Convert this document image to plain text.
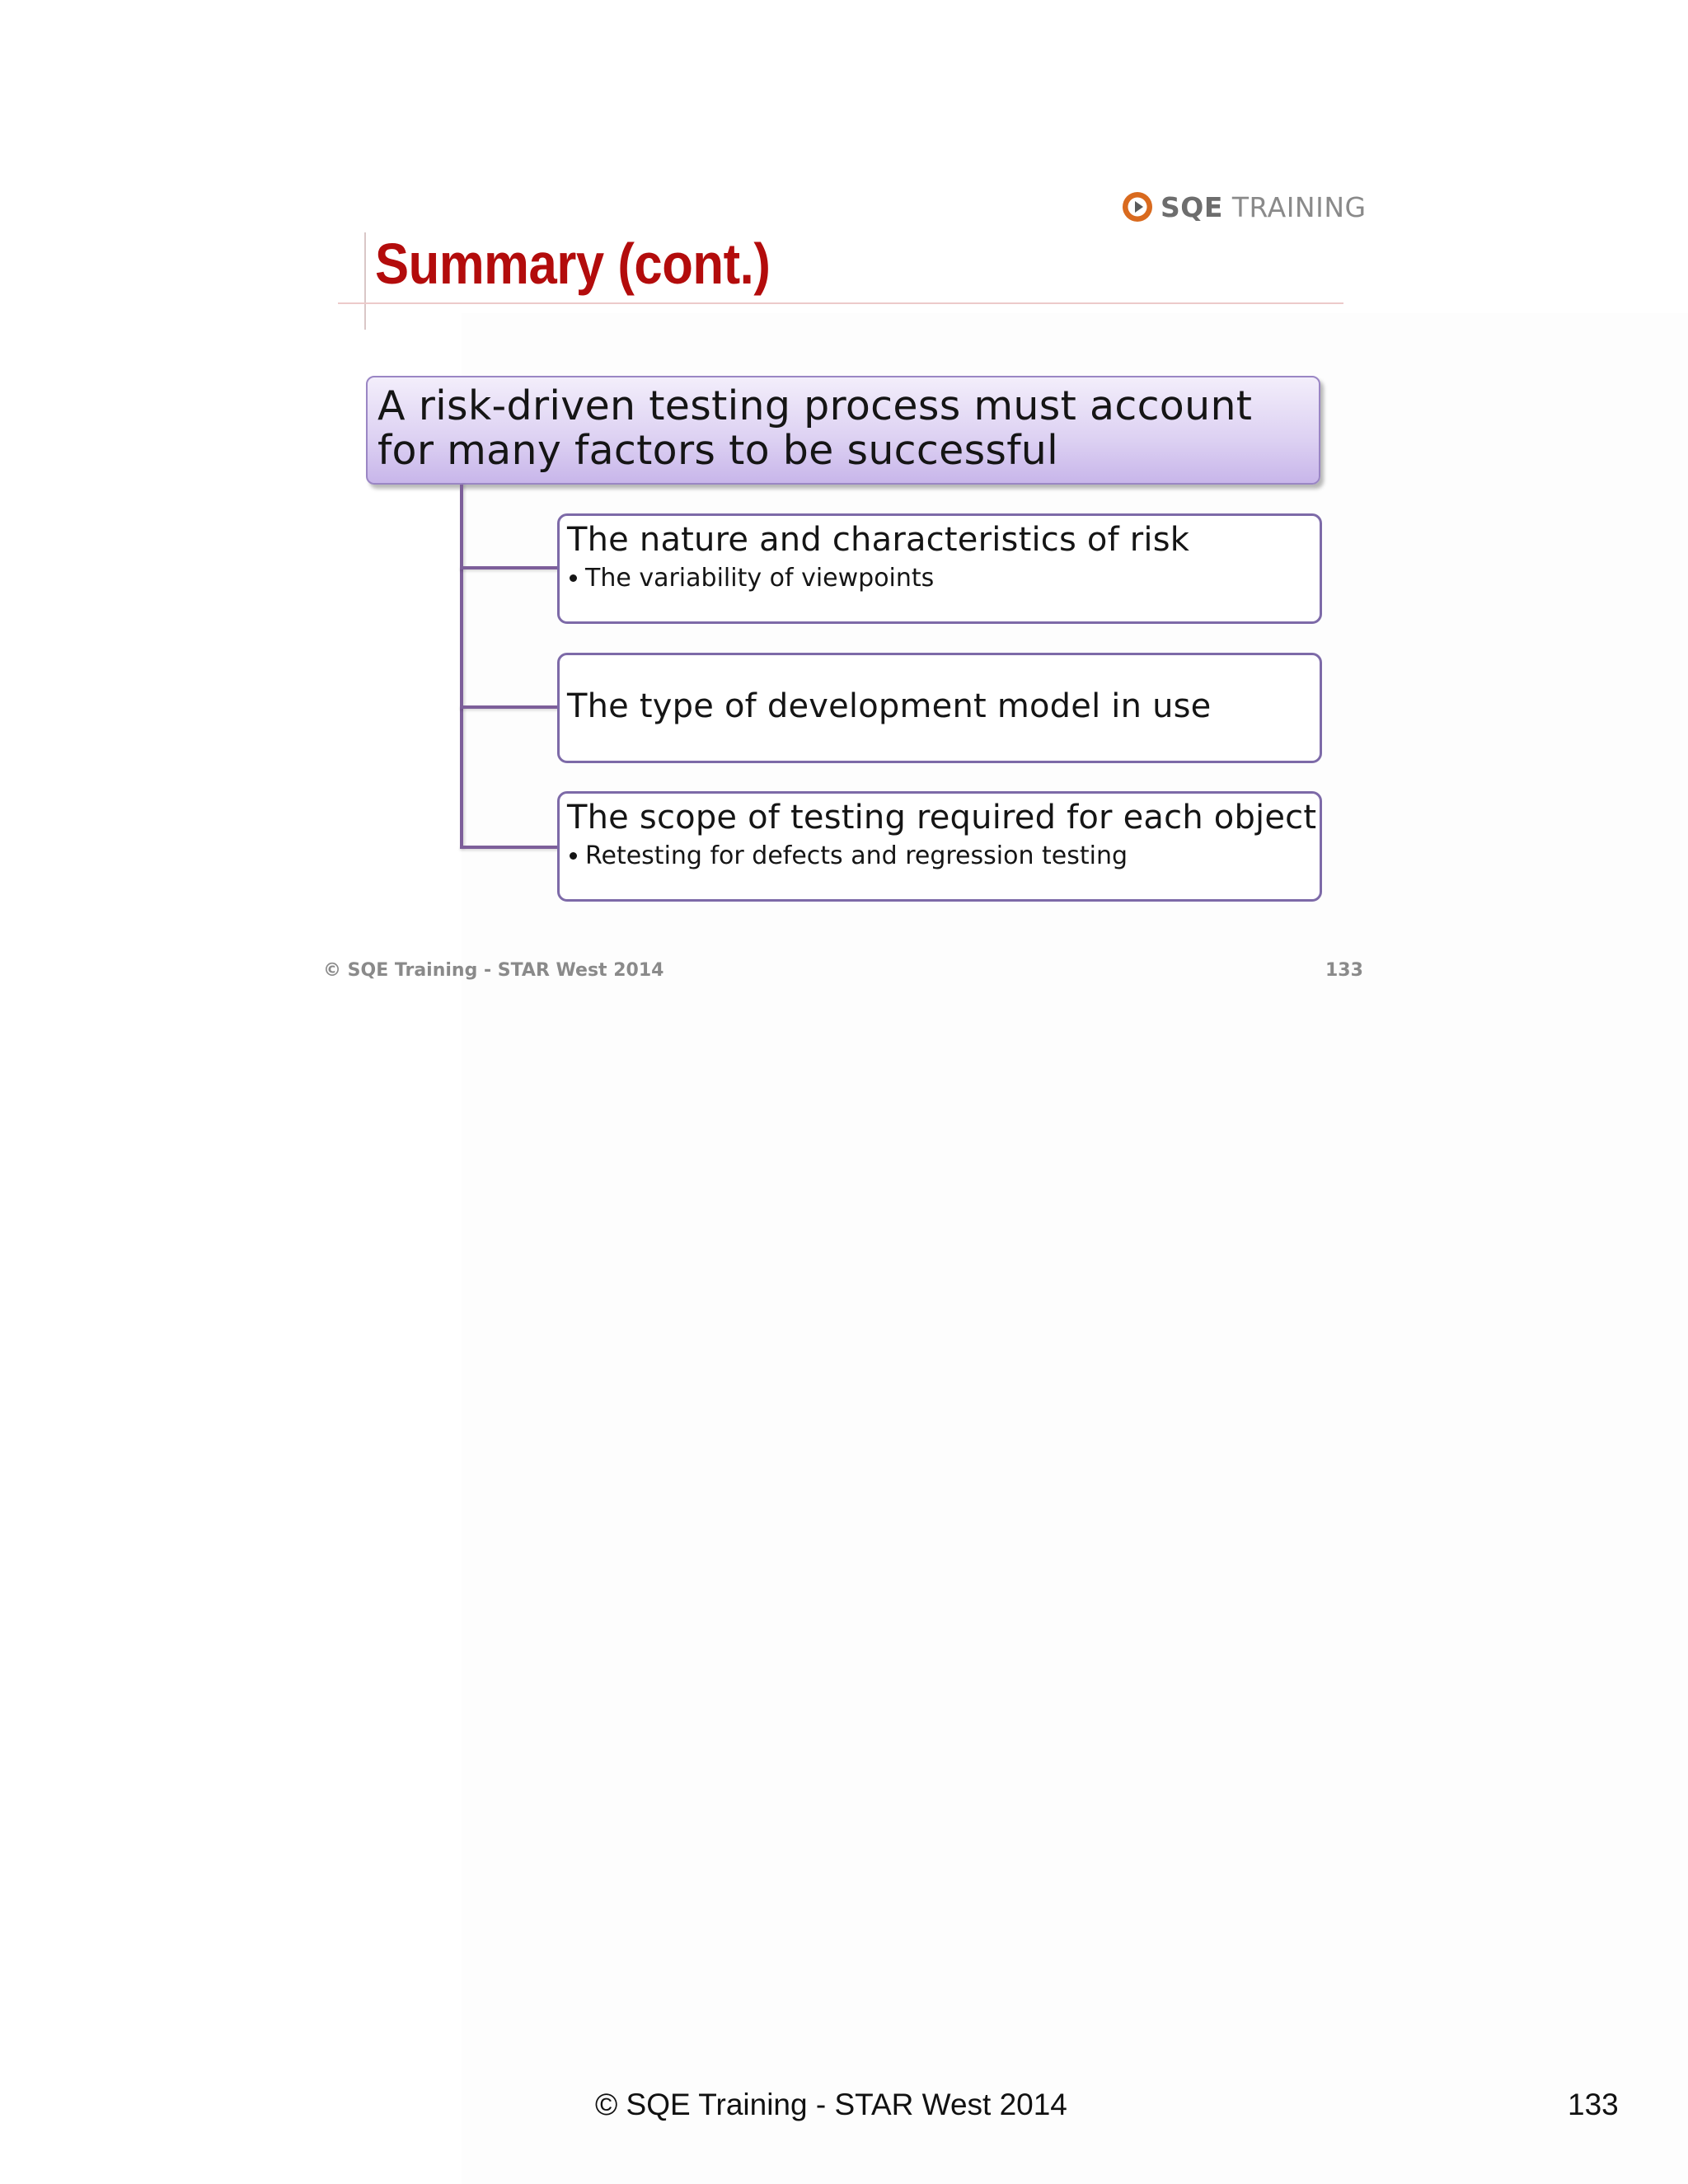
SQE TRAINING
Summary (cont.)

A risk-driven testing process must account for many factors to be successful

The nature and characteristics of risk

The variability of viewpoints

The type of development model in use

The scope of testing required for each object

Retesting for defects and regression testing
© SQE Training - STAR West 2014	133
© SQE Training - STAR West 2014	133
